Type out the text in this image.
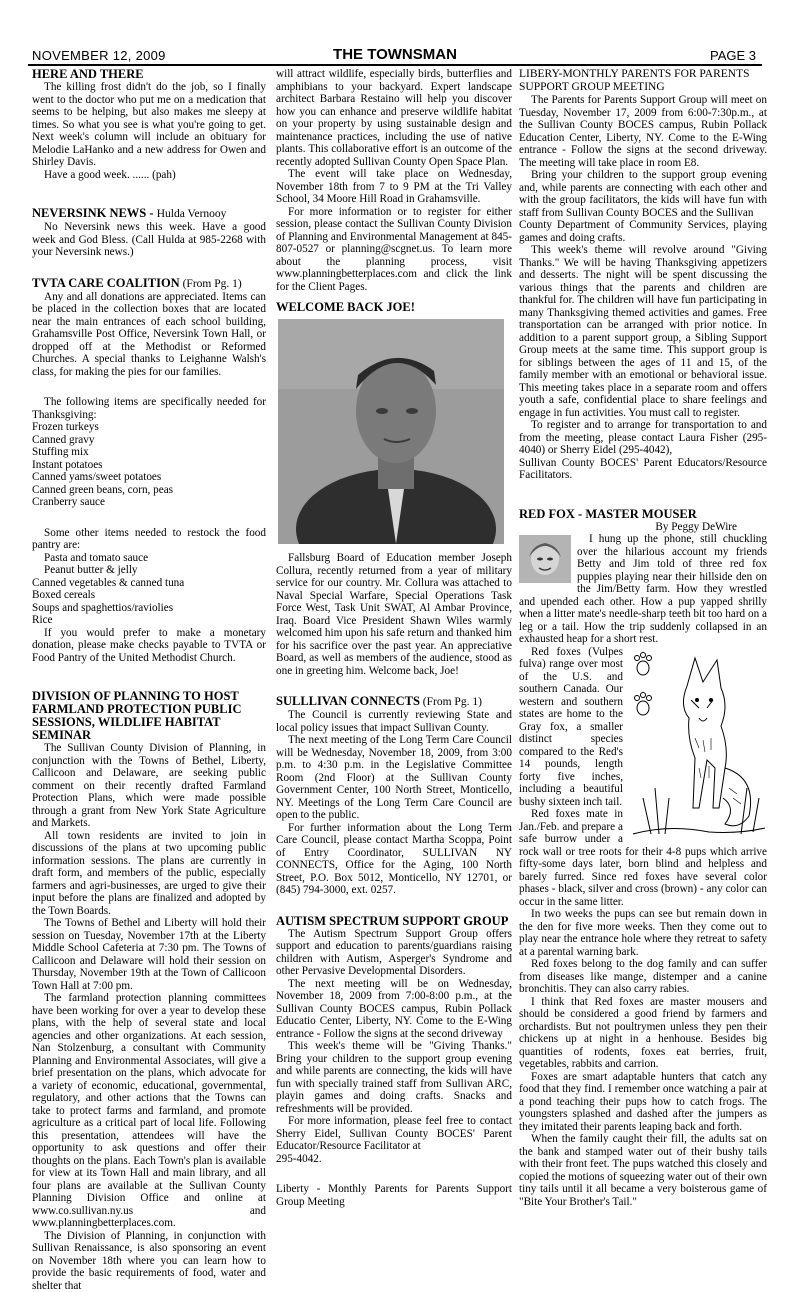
NOVEMBER 12, 2009	THE TOWNSMAN	PAGE 3
HERE AND THERE

The killing frost didn't do the job, so I finally went to the doctor who put me on a medication that seems to be helping, but also makes me sleepy at times. So what you see is what you're going to get. Next week's column will include an obituary for Melodie LaHanko and a new address for Owen and Shirley Davis.

Have a good week. ...... (pah)

NEVERSINK NEWS - Hulda Vernooy

No Neversink news this week. Have a good week and God Bless. (Call Hulda at 985-2268 with your Neversink news.)

TVTA CARE COALITION (From Pg. 1)

Any and all donations are appreciated. Items can be placed in the collection boxes that are located near the main entrances of each school building, Grahamsville Post Office, Neversink Town Hall, or dropped off at the Methodist or Reformed Churches. A special thanks to Leighanne Walsh's class, for making the pies for our families.

The following items are specifically needed for Thanksgiving:

Frozen turkeys
Canned gravy
Stuffing mix
Instant potatoes
Canned yams/sweet potatoes
Canned green beans, corn, peas
Cranberry sauce

Some other items needed to restock the food pantry are:

Pasta and tomato sauce
Peanut butter & jelly
Canned vegetables & canned tuna
Boxed cereals
Soups and spaghettios/raviolies
Rice

If you would prefer to make a monetary donation, please make checks payable to TVTA or Food Pantry of the United Methodist Church.

DIVISION OF PLANNING TO HOST FARMLAND PROTECTION PUBLIC SESSIONS, WILDLIFE HABITAT SEMINAR

The Sullivan County Division of Planning, in conjunction with the Towns of Bethel, Liberty, Callicoon and Delaware, are seeking public comment on their recently drafted Farmland Protection Plans, which were made possible through a grant from New York State Agriculture and Markets.

All town residents are invited to join in discussions of the plans at two upcoming public information sessions. The plans are currently in draft form, and members of the public, especially farmers and agri-businesses, are urged to give their input before the plans are finalized and adopted by the Town Boards.

The Towns of Bethel and Liberty will hold their session on Tuesday, November 17th at the Liberty Middle School Cafeteria at 7:30 pm. The Towns of Callicoon and Delaware will hold their session on Thursday, November 19th at the Town of Callicoon Town Hall at 7:00 pm.

The farmland protection planning committees have been working for over a year to develop these plans, with the help of several state and local agencies and other organizations. At each session, Nan Stolzenburg, a consultant with Community Planning and Environmental Associates, will give a brief presentation on the plans, which advocate for a variety of economic, educational, governmental, regulatory, and other actions that the Towns can take to protect farms and farmland, and promote agriculture as a critical part of local life. Following this presentation, attendees will have the opportunity to ask questions and offer their thoughts on the plans. Each Town's plan is available for view at its Town Hall and main library, and all four plans are available at the Sullivan County Planning Division Office and online at www.co.sullivan.ny.us and www.planningbetterplaces.com.

The Division of Planning, in conjunction with Sullivan Renaissance, is also sponsoring an event on November 18th where you can learn how to provide the basic requirements of food, water and shelter that

will attract wildlife, especially birds, butterflies and amphibians to your backyard. Expert landscape architect Barbara Restaino will help you discover how you can enhance and preserve wildlife habitat on your property by using sustainable design and maintenance practices, including the use of native plants. This collaborative effort is an outcome of the recently adopted Sullivan County Open Space Plan.

The event will take place on Wednesday, November 18th from 7 to 9 PM at the Tri Valley School, 34 Moore Hill Road in Grahamsville.

For more information or to register for either session, please contact the Sullivan County Division of Planning and Environmental Management at 845-807-0527 or planning@scgnet.us. To learn more about the planning process, visit www.planningbetterplaces.com and click the link for the Client Pages.

WELCOME BACK JOE!

Fallsburg Board of Education member Joseph Collura, recently returned from a year of military service for our country. Mr. Collura was attached to Naval Special Warfare, Special Operations Task Force West, Task Unit SWAT, Al Ambar Province, Iraq. Board Vice President Shawn Wiles warmly welcomed him upon his safe return and thanked him for his sacrifice over the past year. An appreciative Board, as well as members of the audience, stood as one in greeting him. Welcome back, Joe!

SULLLIVAN CONNECTS (From Pg. 1)

The Council is currently reviewing State and local policy issues that impact Sullivan County.

The next meeting of the Long Term Care Council will be Wednesday, November 18, 2009, from 3:00 p.m. to 4:30 p.m. in the Legislative Committee Room (2nd Floor) at the Sullivan County Government Center, 100 North Street, Monticello, NY. Meetings of the Long Term Care Council are open to the public.

For further information about the Long Term Care Council, please contact Martha Scoppa, Point of Entry Coordinator, SULLIVAN NY CONNECTS, Office for the Aging, 100 North Street, P.O. Box 5012, Monticello, NY 12701, or (845) 794-3000, ext. 0257.

AUTISM SPECTRUM SUPPORT GROUP

The Autism Spectrum Support Group offers support and education to parents/guardians raising children with Autism, Asperger's Syndrome and other Pervasive Developmental Disorders.

The next meeting will be on Wednesday, November 18, 2009 from 7:00-8:00 p.m., at the Sullivan County BOCES campus, Rubin Pollack Educatio Center, Liberty, NY. Come to the E-Wing entrance - Follow the signs at the second driveway

This week's theme will be "Giving Thanks." Bring your children to the support group evening and while parents are connecting, the kids will have fun with specially trained staff from Sullivan ARC, playin games and doing crafts. Snacks and refreshments will be provided.

For more information, please feel free to contact Sherry Eidel, Sullivan County BOCES' Parent Educator/Resource Facilitator at

295-4042.

Liberty - Monthly Parents for Parents Support Group Meeting

LIBERY-MONTHLY PARENTS FOR PARENTS SUPPORT GROUP MEETING

The Parents for Parents Support Group will meet on Tuesday, November 17, 2009 from 6:00-7:30p.m., at the Sullivan County BOCES campus, Rubin Pollack Education Center, Liberty, NY. Come to the E-Wing entrance - Follow the signs at the second driveway. The meeting will take place in room E8.

Bring your children to the support group evening and, while parents are connecting with each other and with the group facilitators, the kids will have fun with staff from Sullivan County BOCES and the Sullivan

County Department of Community Services, playing games and doing crafts.

This week's theme will revolve around "Giving Thanks." We will be having Thanksgiving appetizers and desserts. The night will be spent discussing the various things that the parents and children are thankful for. The children will have fun participating in many Thanksgiving themed activities and games. Free transportation can be arranged with prior notice. In addition to a parent support group, a Sibling Support Group meets at the same time. This support group is for siblings between the ages of 11 and 15, of the family member with an emotional or behavioral issue. This meeting takes place in a separate room and offers youth a safe, confidential place to share feelings and engage in fun activities. You must call to register.

To register and to arrange for transportation to and from the meeting, please contact Laura Fisher (295-4040) or Sherry Eidel (295-4042),

Sullivan County BOCES' Parent Educators/Resource Facilitators.

RED FOX - MASTER MOUSER
By Peggy DeWire

I hung up the phone, still chuckling over the hilarious account my friends Betty and Jim told of three red fox puppies playing near their hillside den on the Jim/Betty farm. How they wrestled and upended each other. How a pup yapped shrilly when a litter mate's needle-sharp teeth bit too hard on a leg or a tail. How the trip suddenly collapsed in an exhausted heap for a short rest.

Red foxes (Vulpes fulva) range over most of the U.S. and southern Canada. Our western and southern states are home to the Gray fox, a smaller distinct species compared to the Red's 14 pounds, length forty five inches, including a beautiful bushy sixteen inch tail.

Red foxes mate in Jan./Feb. and prepare a safe burrow under a rock wall or tree roots for their 4-8 pups which arrive fifty-some days later, born blind and helpless and barely furred. Since red foxes have several color phases - black, silver and cross (brown) - any color can occur in the same litter.

In two weeks the pups can see but remain down in the den for five more weeks. Then they come out to play near the entrance hole where they retreat to safety at a parental warning bark.

Red foxes belong to the dog family and can suffer from diseases like mange, distemper and a canine bronchitis. They can also carry rabies.

I think that Red foxes are master mousers and should be considered a good friend by farmers and orchardists. But not poultrymen unless they pen their chickens up at night in a henhouse. Besides big quantities of rodents, foxes eat berries, fruit, vegetables, rabbits and carrion.

Foxes are smart adaptable hunters that catch any food that they find. I remember once watching a pair at a pond teaching their pups how to catch frogs. The youngsters splashed and dashed after the jumpers as they imitated their parents leaping back and forth.

When the family caught their fill, the adults sat on the bank and stamped water out of their bushy tails with their front feet. The pups watched this closely and copied the motions of squeezing water out of their own tiny tails until it all became a very boisterous game of "Bite Your Brother's Tail."
